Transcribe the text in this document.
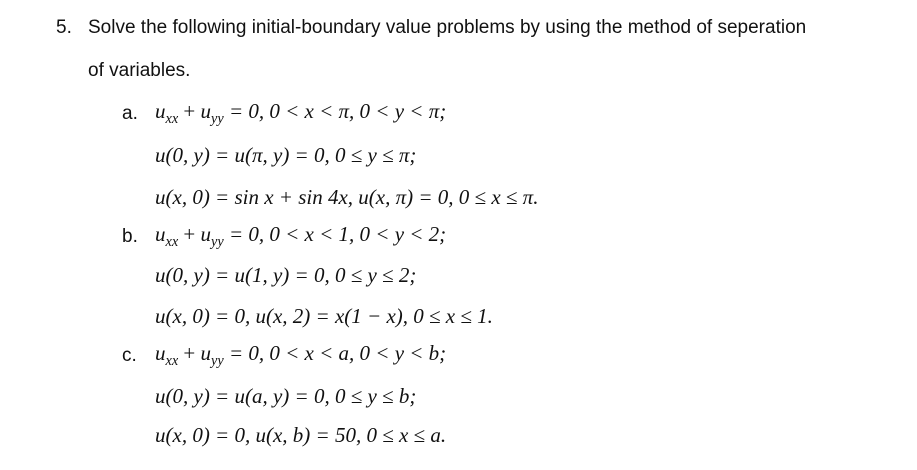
5. Solve the following initial-boundary value problems by using the method of seperation
of variables.
a. $u_{xx} + u_{yy} = 0$, 0 < x < π, 0 < y < π;
u(0, y) = u(π, y) = 0, 0 ≤ y ≤ π;
u(x, 0) = sin x + sin 4x, u(x, π) = 0, 0 ≤ x ≤ π.
b. $u_{xx} + u_{yy} = 0$, 0 < x < 1, 0 < y < 2;
u(0, y) = u(1, y) = 0, 0 ≤ y ≤ 2;
u(x, 0) = 0, u(x, 2) = x(1 − x), 0 ≤ x ≤ 1.
c. $u_{xx} + u_{yy} = 0$, 0 < x < a, 0 < y < b;
u(0, y) = u(a, y) = 0, 0 ≤ y ≤ b;
u(x, 0) = 0, u(x, b) = 50, 0 ≤ x ≤ a.
